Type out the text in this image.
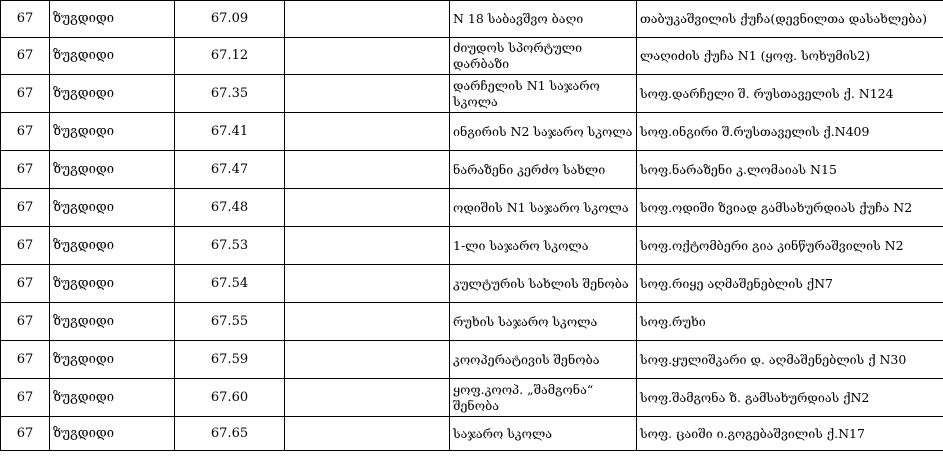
67	ზუგდიდი	67.09		N 18 საბავშვო ბაღი	თაბუკაშვილის ქუჩა(დევნილთა დასახლება)
67	ზუგდიდი	67.12		ძიუდოს სპორტული დარბაზი	ლაღიძის ქუჩა N1 (ყოფ. სოხუმის2)
67	ზუგდიდი	67.35		დარჩელის N1 საჯარო სკოლა	სოფ.დარჩელი შ. რუსთაველის ქ. N124
67	ზუგდიდი	67.41		ინგირის N2 საჯარო სკოლა	სოფ.ინგირი შ.რუსთაველის ქ.N409
67	ზუგდიდი	67.47		ნარაზენი კერძო სახლი	სოფ.ნარაზენი კ.ლომაიას N15
67	ზუგდიდი	67.48		ოდიშის N1 საჯარო სკოლა	სოფ.ოდიში ზვიად გამსახურდიას ქუჩა N2
67	ზუგდიდი	67.53		1-ლი საჯარო სკოლა	სოფ.ოქტომბერი გია კინწურაშვილის N2
67	ზუგდიდი	67.54		კულტურის სახლის შენობა	სოფ.რიყე აღმაშენებლის ქN7
67	ზუგდიდი	67.55		რუხის საჯარო სკოლა	სოფ.რუხი
67	ზუგდიდი	67.59		კოოპერატივის შენობა	სოფ.ყულიშკარი დ. აღმაშენებლის ქ N30
67	ზუგდიდი	67.60		ყოფ.კოოპ. „შამგონა“ შენობა	სოფ.შამგონა ზ. გამსახურდიას ქN2
67	ზუგდიდი	67.65		საჯარო სკოლა	სოფ. ცაიში ი.გოგებაშვილის ქ.N17
